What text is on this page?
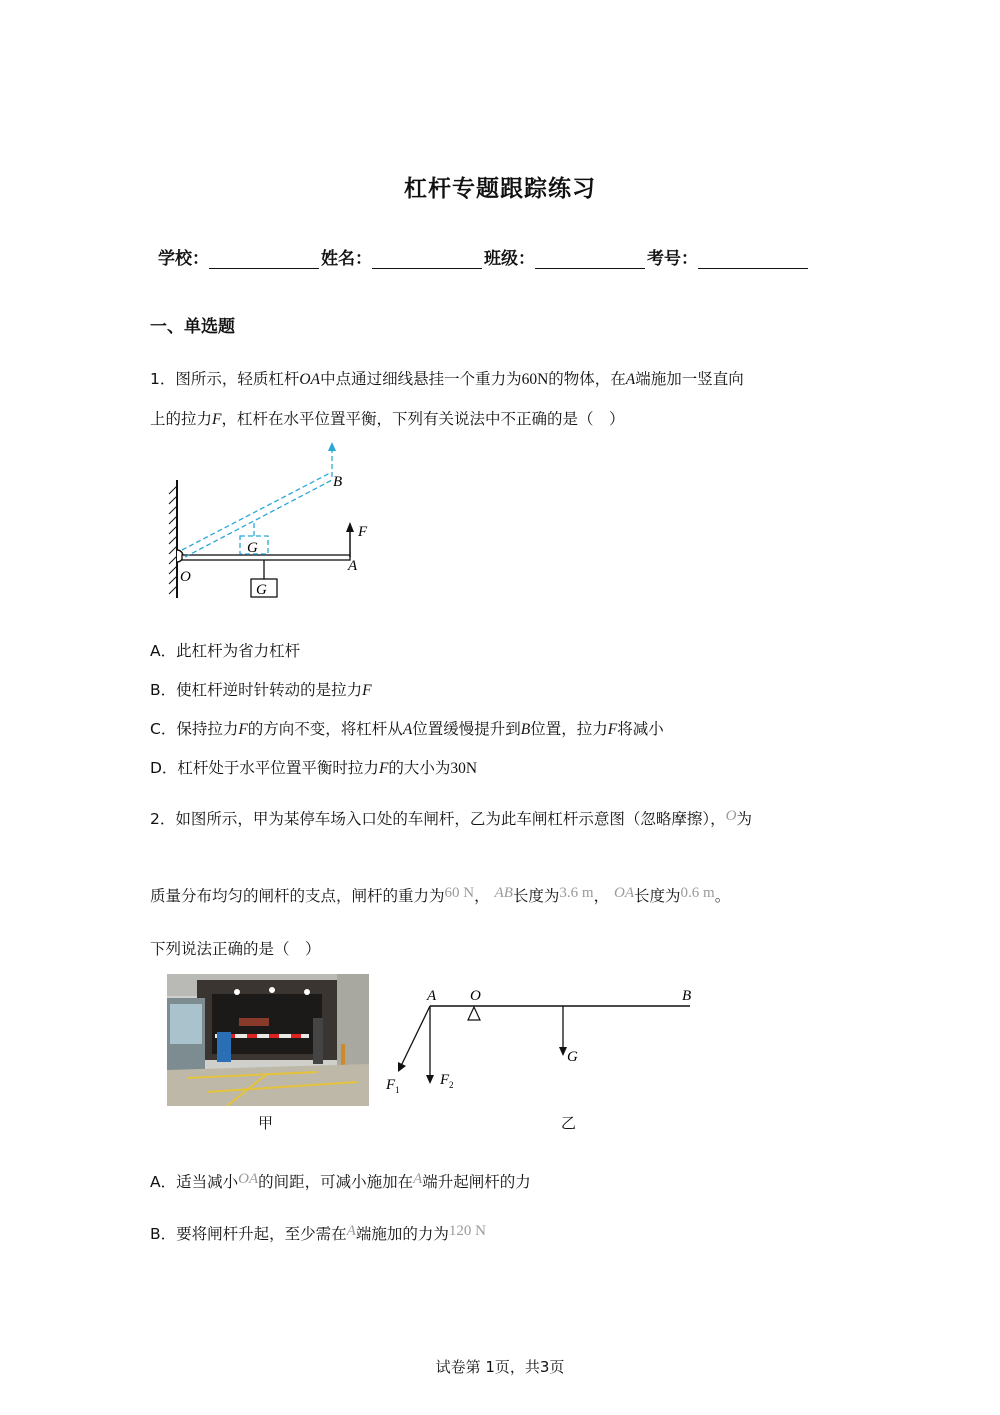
杠杆专题跟踪练习
学校：	姓名：	班级：	考号：
一、单选题
1．图所示，轻质杠杆OA中点通过细线悬挂一个重力为60N的物体，在A端施加一竖直向
上的拉力F，杠杆在水平位置平衡，下列有关说法中不正确的是（　）
B
F
G
O
A
G
A．此杠杆为省力杠杆
B．使杠杆逆时针转动的是拉力F
C．保持拉力F的方向不变，将杠杆从A位置缓慢提升到B位置，拉力F将减小
D．杠杆处于水平位置平衡时拉力F的大小为30N
2．如图所示，甲为某停车场入口处的车闸杆，乙为此车闸杠杆示意图（忽略摩擦），O为
质量分布均匀的闸杆的支点，闸杆的重力为60 N， AB长度为3.6 m， OA长度为0.6 m。
下列说法正确的是（　）
甲
A O	B
G
F 1
F 2
乙
A．适当减小OA的间距，可减小施加在A端升起闸杆的力
B．要将闸杆升起，至少需在A端施加的力为120 N
试卷第 1页，共3页
